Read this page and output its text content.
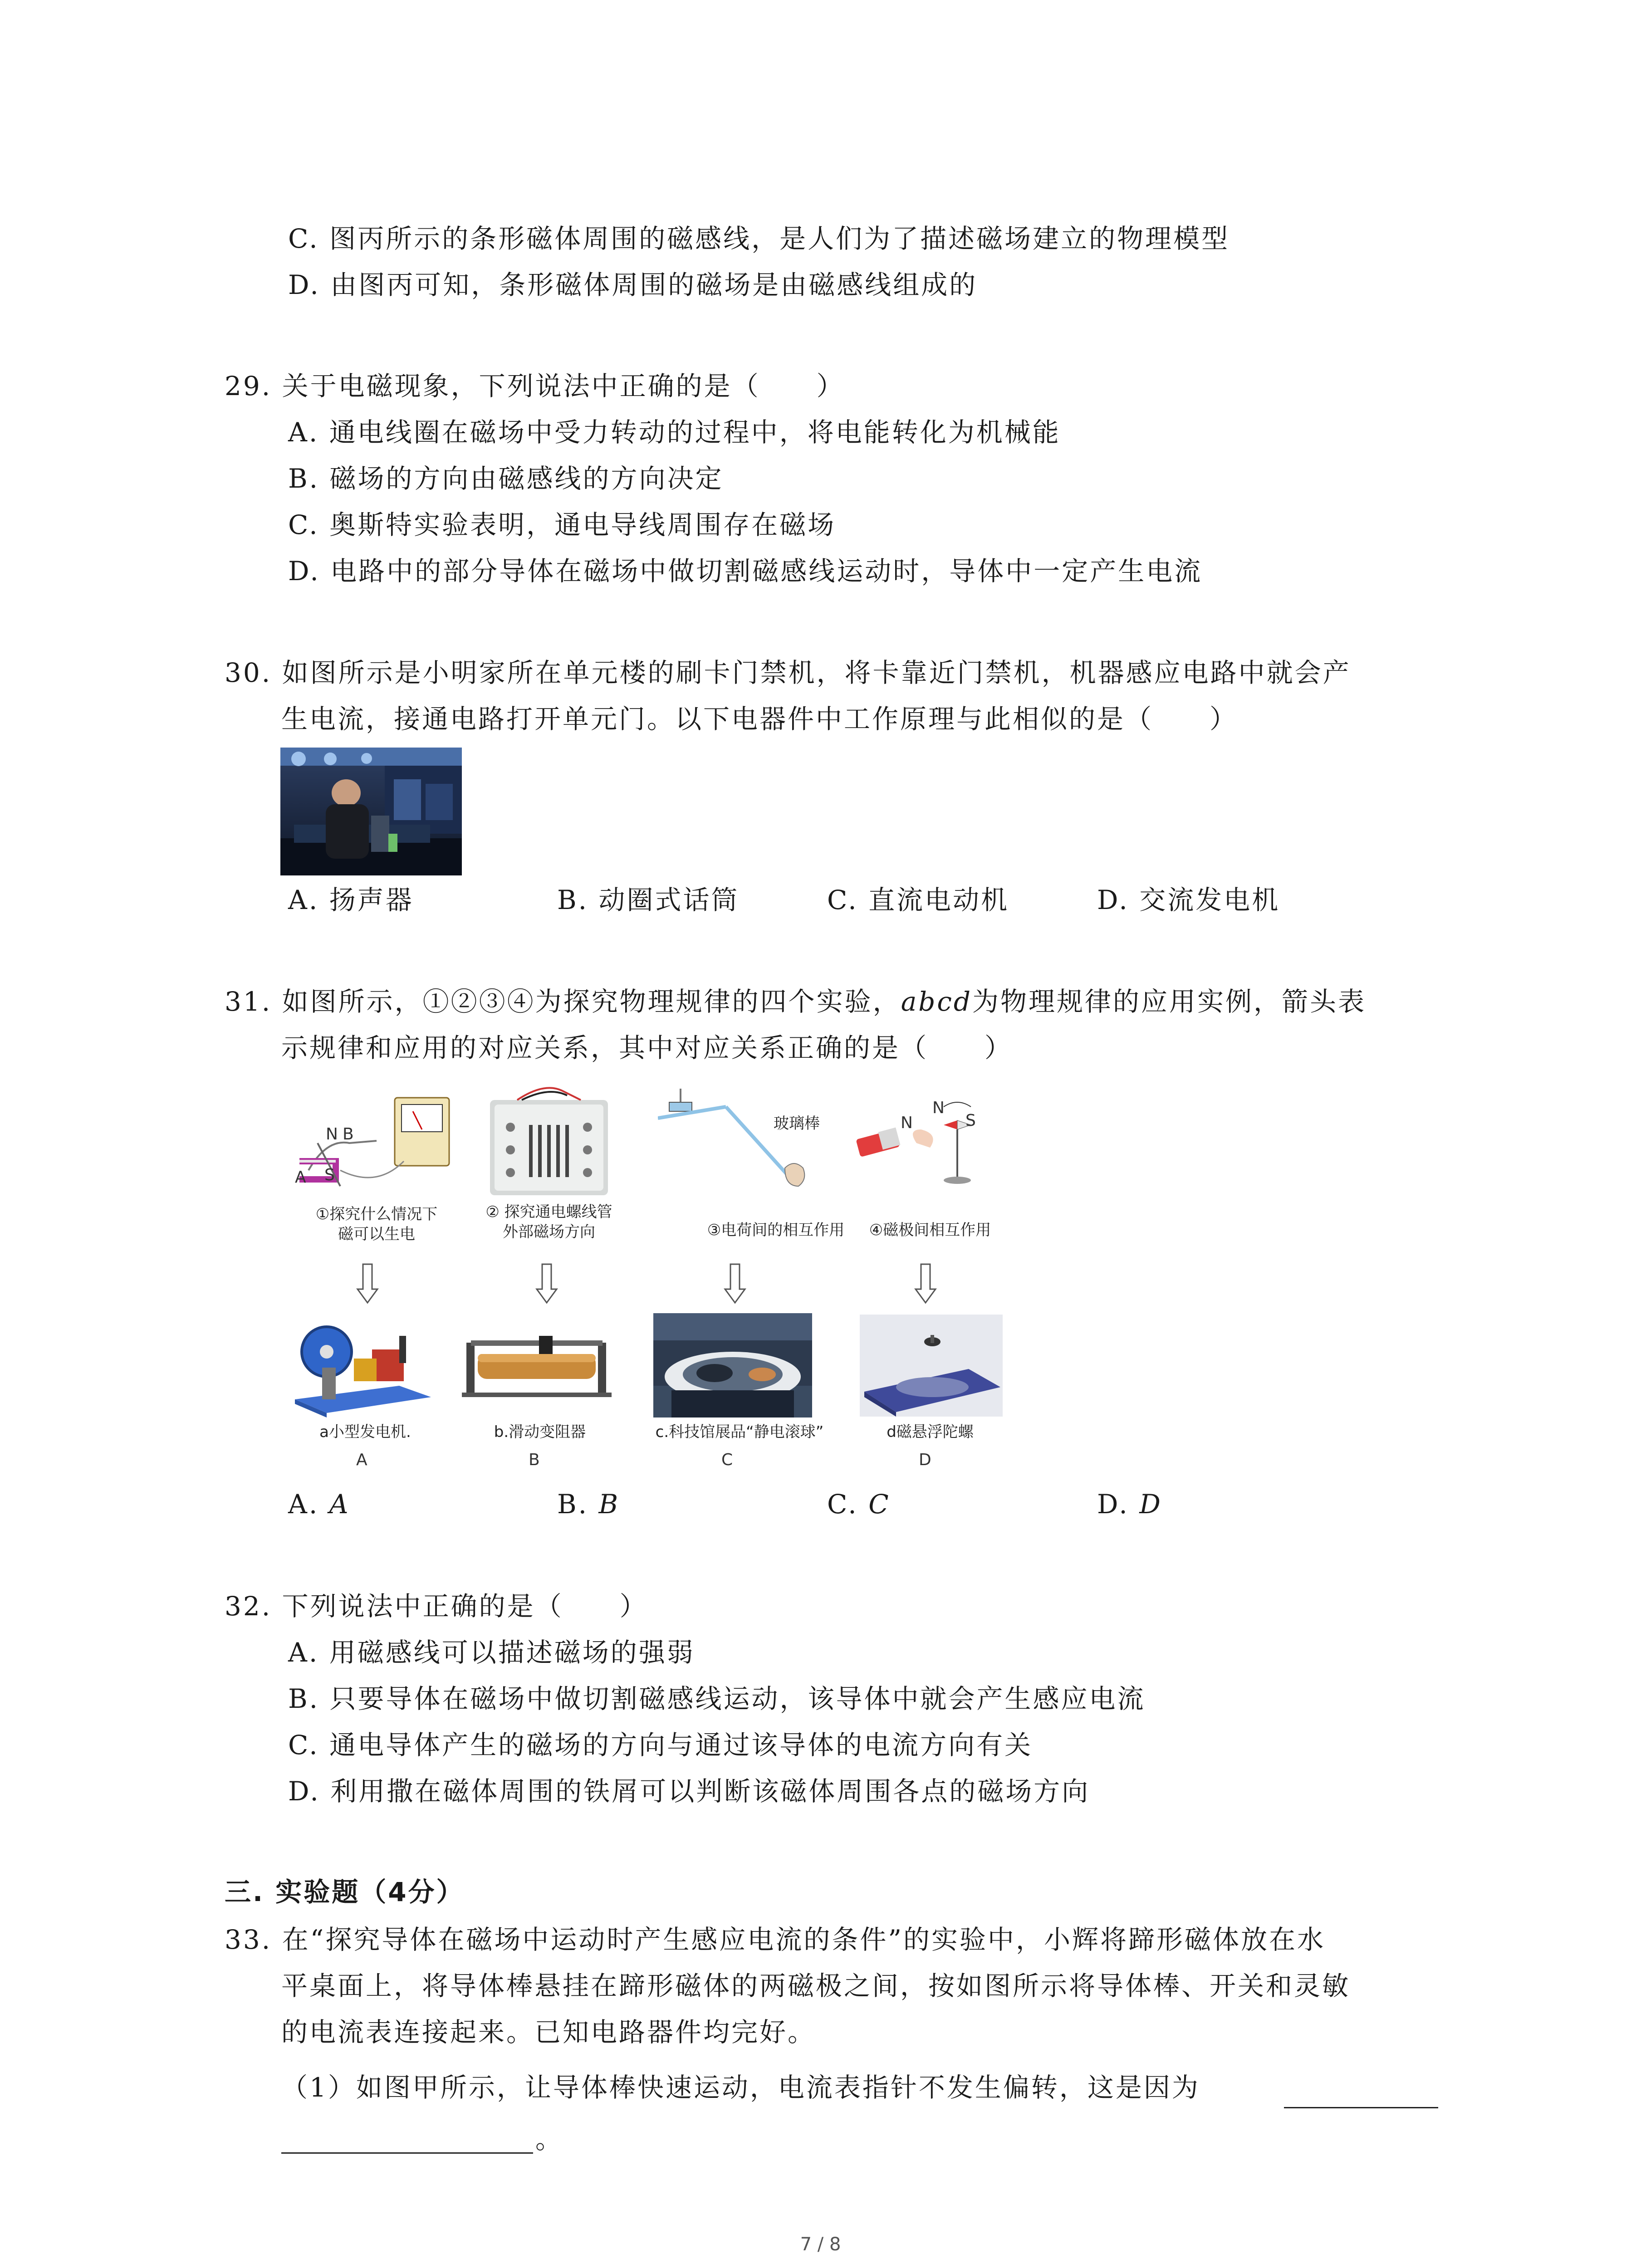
C. 图丙所示的条形磁体周围的磁感线，是人们为了描述磁场建立的物理模型
D. 由图丙可知，条形磁体周围的磁场是由磁感线组成的
29. 关于电磁现象，下列说法中正确的是（　　）
A. 通电线圈在磁场中受力转动的过程中，将电能转化为机械能
B. 磁场的方向由磁感线的方向决定
C. 奥斯特实验表明，通电导线周围存在磁场
D. 电路中的部分导体在磁场中做切割磁感线运动时，导体中一定产生电流
30. 如图所示是小明家所在单元楼的刷卡门禁机，将卡靠近门禁机，机器感应电路中就会产
生电流，接通电路打开单元门。以下电器件中工作原理与此相似的是（　　）
A. 扬声器	B. 动圈式话筒	C. 直流电动机	D. 交流发电机
31. 如图所示，①②③④为探究物理规律的四个实验，abcd为物理规律的应用实例，箭头表
示规律和应用的对应关系，其中对应关系正确的是（　　）
N B
A S
①探究什么情况下
磁可以生电
② 探究通电螺线管
外部磁场方向
玻璃棒
③电荷间的相互作用
N
N
S
④磁极间相互作用
a小型发电机.	b.滑动变阻器	c.科技馆展品“静电滚球”	d磁悬浮陀螺
A	B	C	D
A. A	B. B	C. C	D. D
32. 下列说法中正确的是（　　）
A. 用磁感线可以描述磁场的强弱
B. 只要导体在磁场中做切割磁感线运动，该导体中就会产生感应电流
C. 通电导体产生的磁场的方向与通过该导体的电流方向有关
D. 利用撒在磁体周围的铁屑可以判断该磁体周围各点的磁场方向
三. 实验题（4分）
33. 在“探究导体在磁场中运动时产生感应电流的条件”的实验中，小辉将蹄形磁体放在水
平桌面上，将导体棒悬挂在蹄形磁体的两磁极之间，按如图所示将导体棒、开关和灵敏
的电流表连接起来。已知电路器件均完好。
（1）如图甲所示，让导体棒快速运动，电流表指针不发生偏转，这是因为
。
7 / 8
